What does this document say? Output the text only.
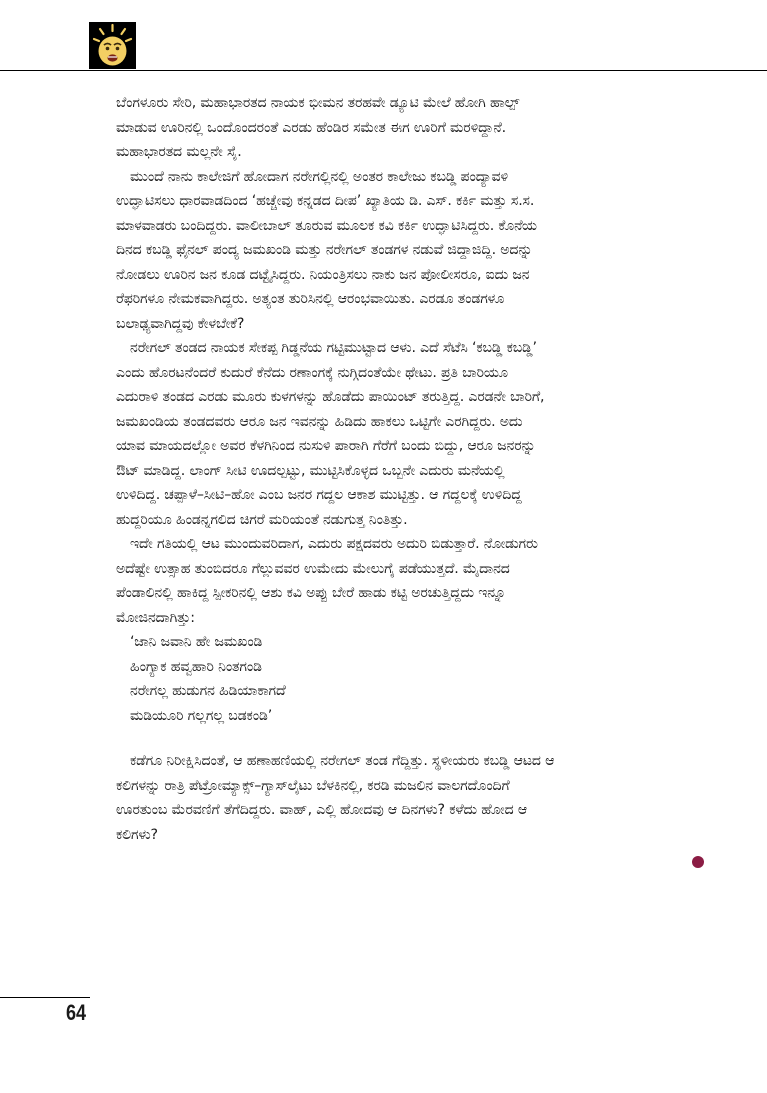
ಬೆಂಗಳೂರು ಸೇರಿ, ಮಹಾಭಾರತದ ನಾಯಕ ಭೀಮನ ತರಹವೇ ಡ್ಯೂಟಿ ಮೇಲೆ ಹೋಗಿ ಹಾಲ್ಪ್
ಮಾಡುವ ಊರಿನಲ್ಲಿ ಒಂದೊಂದರಂತೆ ಎರಡು ಹೆಂಡಿರ ಸಮೇತ ಈಗ ಊರಿಗೆ ಮರಳಿದ್ದಾನೆ.
ಮಹಾಭಾರತದ ಮಲ್ಲನೇ ಸೈ.
ಮುಂದೆ ನಾನು ಕಾಲೇಜಿಗೆ ಹೋದಾಗ ನರೇಗಲ್ಲಿನಲ್ಲಿ ಅಂತರ ಕಾಲೇಜು ಕಬಡ್ಡಿ ಪಂದ್ಯಾವಳಿ
ಉದ್ಘಾಟಿಸಲು ಧಾರವಾಡದಿಂದ ‘ಹಚ್ಚೇವು ಕನ್ನಡದ ದೀಪ’ ಖ್ಯಾತಿಯ ಡಿ. ಎಸ್. ಕರ್ಕಿ ಮತ್ತು ಸ.ಸ.
ಮಾಳವಾಡರು ಬಂದಿದ್ದರು. ವಾಲೀಬಾಲ್ ತೂರುವ ಮೂಲಕ ಕವಿ ಕರ್ಕಿ ಉದ್ಘಾಟಿಸಿದ್ದರು. ಕೊನೆಯ
ದಿನದ ಕಬಡ್ಡಿ ಫೈನಲ್ ಪಂದ್ಯ ಜಮಖಂಡಿ ಮತ್ತು ನರೇಗಲ್ ತಂಡಗಳ ನಡುವೆ ಜಿದ್ದಾಜಿದ್ದಿ. ಅದನ್ನು
ನೋಡಲು ಊರಿನ ಜನ ಕೂಡ ದಟ್ಟೈಸಿದ್ದರು. ನಿಯಂತ್ರಿಸಲು ನಾಕು ಜನ ಪೋಲೀಸರೂ, ಐದು ಜನ
ರೆಫರಿಗಳೂ ನೇಮಕವಾಗಿದ್ದರು. ಅತ್ಯಂತ ತುರಿಸಿನಲ್ಲಿ ಆರಂಭವಾಯಿತು. ಎರಡೂ ತಂಡಗಳೂ
ಬಲಾಢ್ಯವಾಗಿದ್ದವು ಕೇಳಬೇಕೆ?
ನರೇಗಲ್ ತಂಡದ ನಾಯಕ ಸೇಕಪ್ಪ ಗಿಡ್ಡನೆಯ ಗಟ್ಟಿಮುಟ್ಟಾದ ಆಳು. ಎದೆ ಸೆಟೆಸಿ ‘ಕಬಡ್ಡಿ ಕಬಡ್ಡಿ’
ಎಂದು ಹೊರಟನೆಂದರೆ ಕುದುರೆ ಕೆನೆದು ರಣಾಂಗಕ್ಕೆ ನುಗ್ಗಿದಂತೆಯೇ ಥೇಟು. ಪ್ರತಿ ಬಾರಿಯೂ
ಎದುರಾಳಿ ತಂಡದ ಎರಡು ಮೂರು ಕುಳಗಳನ್ನು ಹೊಡೆದು ಪಾಯಿಂಟ್ ತರುತ್ತಿದ್ದ. ಎರಡನೇ ಬಾರಿಗೆ,
ಜಮಖಂಡಿಯ ತಂಡದವರು ಆರೂ ಜನ ಇವನನ್ನು ಹಿಡಿದು ಹಾಕಲು ಒಟ್ಟಿಗೇ ಎರಗಿದ್ದರು. ಅದು
ಯಾವ ಮಾಯದಲ್ಲೋ ಅವರ ಕೆಳಗಿನಿಂದ ನುಸುಳಿ ಪಾರಾಗಿ ಗೆರೆಗೆ ಬಂದು ಬಿದ್ದು, ಆರೂ ಜನರನ್ನು
ಔಟ್ ಮಾಡಿದ್ದ. ಲಾಂಗ್ ಸೀಟಿ ಊದಲ್ಪಟ್ಟು, ಮುಟ್ಟಿಸಿಕೊಳ್ಳದ ಒಬ್ಬನೇ ಎದುರು ಮನೆಯಲ್ಲಿ
ಉಳಿದಿದ್ದ. ಚಪ್ಪಾಳೆ–ಸೀಟಿ–ಹೋ ಎಂಬ ಜನರ ಗದ್ದಲ ಆಕಾಶ ಮುಟ್ಟಿತ್ತು. ಆ ಗದ್ದಲಕ್ಕೆ ಉಳಿದಿದ್ದ
ಹುದ್ದರಿಯೂ ಹಿಂಡನ್ನಗಲಿದ ಚಿಗರೆ ಮರಿಯಂತೆ ನಡುಗುತ್ತ ನಿಂತಿತ್ತು.
ಇದೇ ಗತಿಯಲ್ಲಿ ಆಟ ಮುಂದುವರಿದಾಗ, ಎದುರು ಪಕ್ಷದವರು ಅದುರಿ ಬಿಡುತ್ತಾರೆ. ನೋಡುಗರು
ಅದೆಷ್ಟೇ ಉತ್ಸಾಹ ತುಂಬಿದರೂ ಗೆಲ್ಲುವವರ ಉಮೇದು ಮೇಲುಗೈ ಪಡೆಯುತ್ತದೆ. ಮೈದಾನದ
ಪೆಂಡಾಲಿನಲ್ಲಿ ಹಾಕಿದ್ದ ಸ್ಪೀಕರಿನಲ್ಲಿ ಆಶು ಕವಿ ಅಪ್ಪು ಬೇರೆ ಹಾಡು ಕಟ್ಟಿ ಅರಚುತ್ತಿದ್ದದು ಇನ್ನೂ
ಮೋಜಿನದಾಗಿತ್ತು:
‘ಜಾನಿ ಜವಾನಿ ಹೇ ಜಮಖಂಡಿ
ಹಿಂಗ್ಯಾಕ ಹವ್ವಹಾರಿ ನಿಂತಗಂಡಿ
ನರೇಗಲ್ಲ ಹುಡುಗನ ಹಿಡಿಯಾಕಾಗದೆ
ಮಡಿಯೂರಿ ಗಲ್ಲಗಲ್ಲ ಬಡಕಂಡಿ’
ಕಡೆಗೂ ನಿರೀಕ್ಷಿಸಿದಂತೆ, ಆ ಹಣಾಹಣಿಯಲ್ಲಿ ನರೇಗಲ್ ತಂಡ ಗೆದ್ದಿತ್ತು. ಸ್ಥಳೀಯರು ಕಬಡ್ಡಿ ಆಟದ ಆ
ಕಲಿಗಳನ್ನು ರಾತ್ರಿ ಪೆಟ್ರೋಮ್ಯಾಕ್ಸ್–ಗ್ಯಾಸ್‌ಲೈಟು ಬೆಳಕಿನಲ್ಲಿ, ಕರಡಿ ಮಜಲಿನ ವಾಲಗದೊಂದಿಗೆ
ಊರತುಂಬ ಮೆರವಣಿಗೆ ತೆಗೆದಿದ್ದರು. ವಾಹ್, ಎಲ್ಲಿ ಹೋದವು ಆ ದಿನಗಳು? ಕಳೆದು ಹೋದ ಆ
ಕಲಿಗಳು?
64
